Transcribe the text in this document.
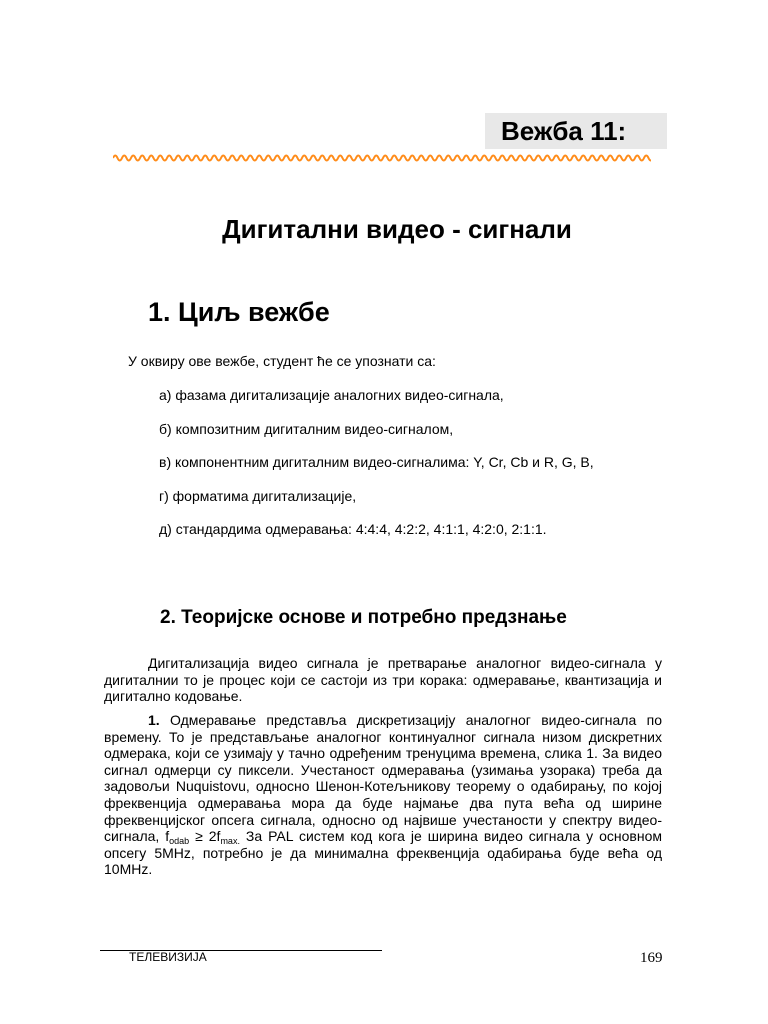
Вежба 11:
Дигитални видео - сигнали
1. Циљ вежбе
У оквиру ове вежбе, студент ће се упознати са:
а) фазама дигитализације аналогних видео-сигнала,
б) композитним дигиталним видео-сигналом,
в) компонентним дигиталним видео-сигналима: Y, Cr, Cb и R, G, B,
г) форматима дигитализације,
д) стандардима одмеравања: 4:4:4, 4:2:2, 4:1:1, 4:2:0, 2:1:1.
2. Теоријске основе и потребно предзнање

Дигитализација видео сигнала је претварање аналогног видео-сигнала у дигиталнии то је процес који се састоји из три корака: одмеравање, квантизација и дигитално кодовање.

1. Одмеравање представља дискретизацију аналогног видео-сигнала по времену. То је представљање аналогног континуалног сигнала низом дискретних одмерака, који се узимају у тачно одређеним тренуцима времена, слика 1. За видео сигнал одмерци су пиксели. Учестаност одмеравања (узимања узорака) треба да задовољи Nuquistovu, односно Шенон-Котељникову теорему о одабирању, по којој фреквенција одмеравања мора да буде најмање два пута већа од ширине фреквенцијског опсега сигнала, односно од највише учестаности у спектру видео-сигнала, $f_{odab} \ge 2f_{max.}$ За PAL систем код кога је ширина видео сигнала у основном опсегу 5MHz, потребно је да минимална фреквенција одабирања буде већа од 10MHz.

ТЕЛЕВИЗИЈА	169
